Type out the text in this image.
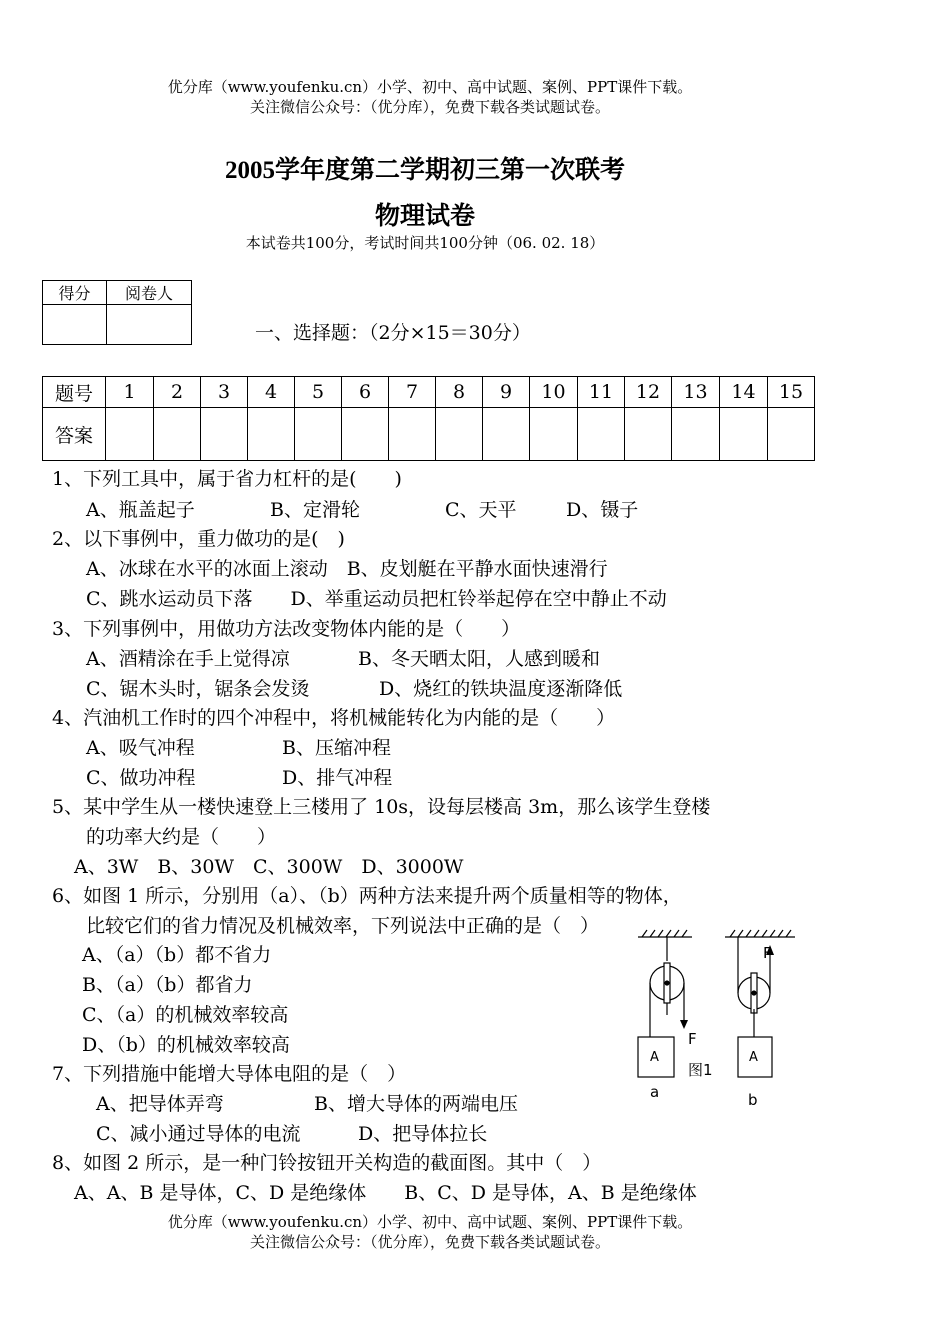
优分库（www.youfenku.cn）小学、初中、高中试题、案例、PPT课件下载。
关注微信公众号：（优分库），免费下载各类试题试卷。
2005学年度第二学期初三第一次联考
物理试卷
本试卷共100分，考试时间共100分钟（06. 02. 18）
得分	阅卷人

一、选择题：（2分×15＝30分）
题号	1	2	3	4	5	6	7	8	9	10	11	12	13	14	15
答案															
1、下列工具中，属于省力杠杆的是(　　)
A、瓶盖起子	B、定滑轮	C、天平	D、镊子
2、以下事例中，重力做功的是(　)
A、冰球在水平的冰面上滚动　B、皮划艇在平静水面快速滑行
C、跳水运动员下落　　D、举重运动员把杠铃举起停在空中静止不动
3、下列事例中，用做功方法改变物体内能的是（　　）
A、酒精涂在手上觉得凉	B、冬天晒太阳，人感到暖和
C、锯木头时，锯条会发烫	D、烧红的铁块温度逐渐降低
4、汽油机工作时的四个冲程中，将机械能转化为内能的是（　　）
A、吸气冲程	B、压缩冲程
C、做功冲程	D、排气冲程
5、某中学生从一楼快速登上三楼用了 10s，设每层楼高 3m，那么该学生登楼
的功率大约是（　　）
A、3W　B、30W　C、300W　D、3000W
6、如图 1 所示，分别用（a）、（b）两种方法来提升两个质量相等的物体，
比较它们的省力情况及机械效率，下列说法中正确的是（　）
A、（a）（b）都不省力
B、（a）（b）都省力
C、（a）的机械效率较高
D、（b）的机械效率较高	F
F
A	A
图1
a	b
7、下列措施中能增大导体电阻的是（　）
A、把导体弄弯	B、增大导体的两端电压
C、减小通过导体的电流	D、把导体拉长
8、如图 2 所示，是一种门铃按钮开关构造的截面图。其中（　）
A、A、B 是导体，C、D 是绝缘体　　B、C、D 是导体，A、B 是绝缘体
优分库（www.youfenku.cn）小学、初中、高中试题、案例、PPT课件下载。
关注微信公众号：（优分库），免费下载各类试题试卷。
